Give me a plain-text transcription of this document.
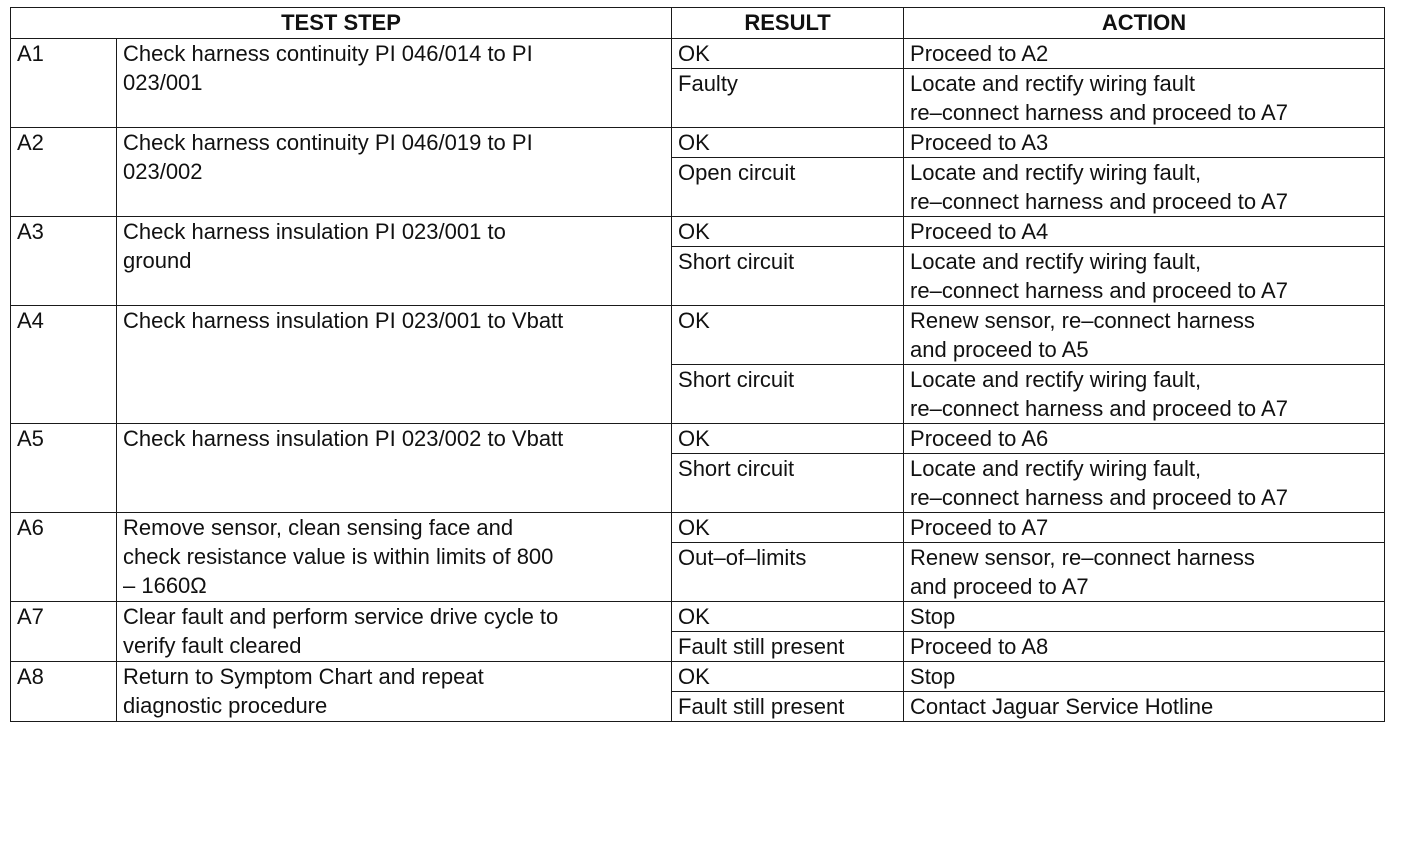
TEST STEP		RESULT	ACTION
A1	Check harness continuity PI 046/014 to PI
023/001	OK	Proceed to A2
		Faulty	Locate and rectify wiring fault
re–connect harness and proceed to A7
A2	Check harness continuity PI 046/019 to PI
023/002	OK	Proceed to A3
		Open circuit	Locate and rectify wiring fault,
re–connect harness and proceed to A7
A3	Check harness insulation PI 023/001 to
ground	OK	Proceed to A4
		Short circuit	Locate and rectify wiring fault,
re–connect harness and proceed to A7
A4	Check harness insulation PI 023/001 to Vbatt	OK	Renew sensor, re–connect harness
and proceed to A5
		Short circuit	Locate and rectify wiring fault,
re–connect harness and proceed to A7
A5	Check harness insulation PI 023/002 to Vbatt	OK	Proceed to A6
		Short circuit	Locate and rectify wiring fault,
re–connect harness and proceed to A7
A6	Remove sensor, clean sensing face and
check resistance value is within limits of 800
– 1660Ω	OK	Proceed to A7
		Out–of–limits	Renew sensor, re–connect harness
and proceed to A7
A7	Clear fault and perform service drive cycle to
verify fault cleared	OK	Stop
		Fault still present	Proceed to A8
A8	Return to Symptom Chart and repeat
diagnostic procedure	OK	Stop
		Fault still present	Contact Jaguar Service Hotline
